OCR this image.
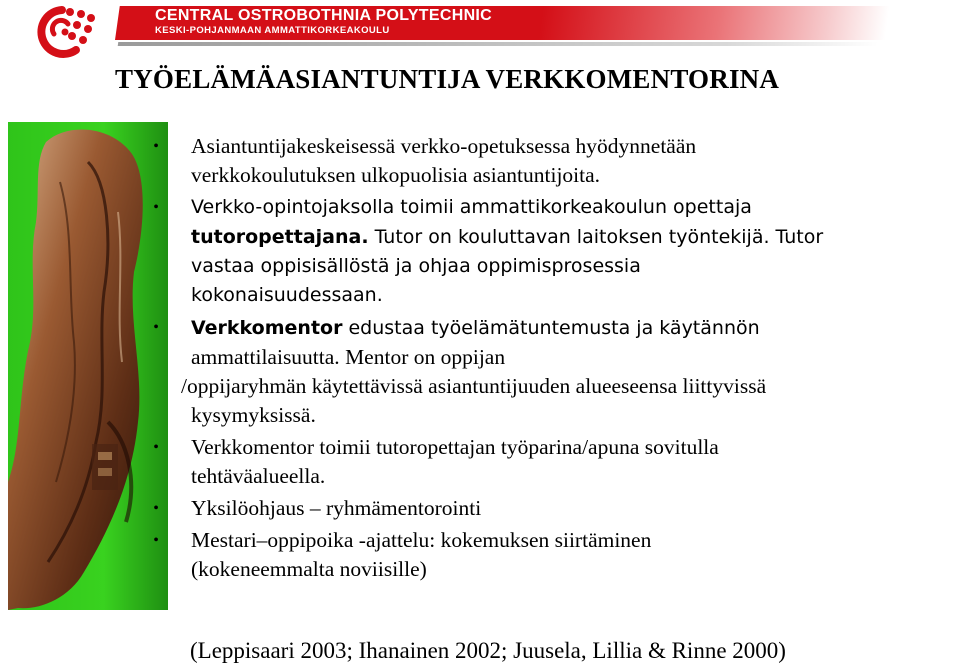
CENTRAL OSTROBOTHNIA POLYTECHNIC
KESKI-POHJANMAAN AMMATTIKORKEAKOULU
TYÖELÄMÄASIANTUNTIJA VERKKOMENTORINA
• Asiantuntijakeskeisessä verkko-opetuksessa hyödynnetään
verkkokoulutuksen ulkopuolisia asiantuntijoita.
• Verkko-opintojaksolla toimii ammattikorkeakoulun opettaja
tutoropettajana. Tutor on kouluttavan laitoksen työntekijä. Tutor
vastaa oppisisällöstä ja ohjaa oppimisprosessia
kokonaisuudessaan.
• Verkkomentor edustaa työelämätuntemusta ja käytännön
ammattilaisuutta. Mentor on oppijan
/oppijaryhmän käytettävissä asiantuntijuuden alueeseensa liittyvissä
kysymyksissä.
• Verkkomentor toimii tutoropettajan työparina/apuna sovitulla
tehtäväalueella.
• Yksilöohjaus – ryhmämentorointi
• Mestari–oppipoika -ajattelu: kokemuksen siirtäminen
(kokeneemmalta noviisille)
(Leppisaari 2003; Ihanainen 2002; Juusela, Lillia & Rinne 2000)
